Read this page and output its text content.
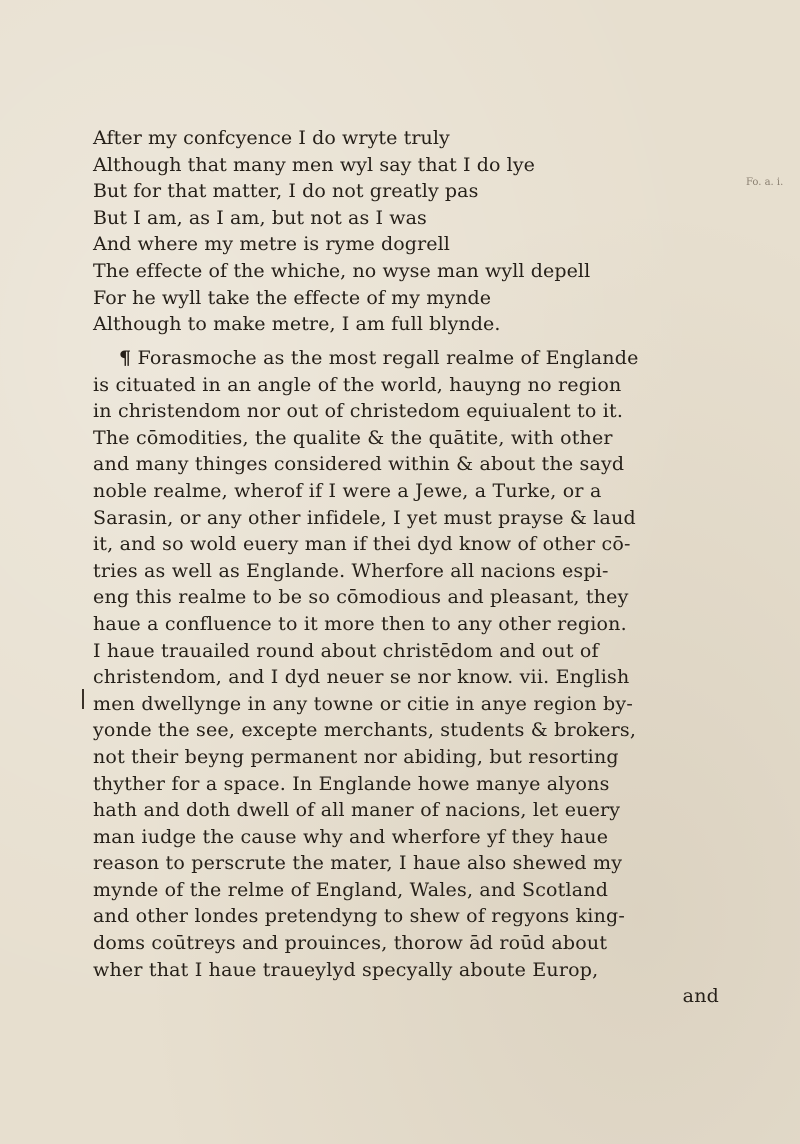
After my confcyence I do wryte truly
Although that many men wyl say that I do lye
But for that matter, I do not greatly pas
But I am, as I am, but not as I was
And where my metre is ryme dogrell
The effecte of the whiche, no wyse man wyll depell
For he wyll take the effecte of my mynde
Although to make metre, I am full blynde.
Fo. a. i.
¶ Forasmoche as the most regall realme of Englande
is cituated in an angle of the world, hauyng no region
in christendom nor out of christedom equiualent to it.
The cōmodities, the qualite & the quātite, with other
and many thinges considered within & about the sayd
noble realme, wherof if I were a Jewe, a Turke, or a
Sarasin, or any other infidele, I yet must prayse & laud
it, and so wold euery man if thei dyd know of other cō-
tries as well as Englande. Wherfore all nacions espi-
eng this realme to be so cōmodious and pleasant, they
haue a confluence to it more then to any other region.
I haue trauailed round about christēdom and out of
christendom, and I dyd neuer se nor know. vii. English
men dwellynge in any towne or citie in anye region by-
yonde the see, excepte merchants, students & brokers,
not their beyng permanent nor abiding, but resorting
thyther for a space. In Englande howe manye alyons
hath and doth dwell of all maner of nacions, let euery
man iudge the cause why and wherfore yf they haue
reason to perscrute the mater, I haue also shewed my
mynde of the relme of England, Wales, and Scotland
and other londes pretendyng to shew of regyons king-
doms coūtreys and prouinces, thorow ād roūd about
wher that I haue traueylyd specyally aboute Europ,
and
